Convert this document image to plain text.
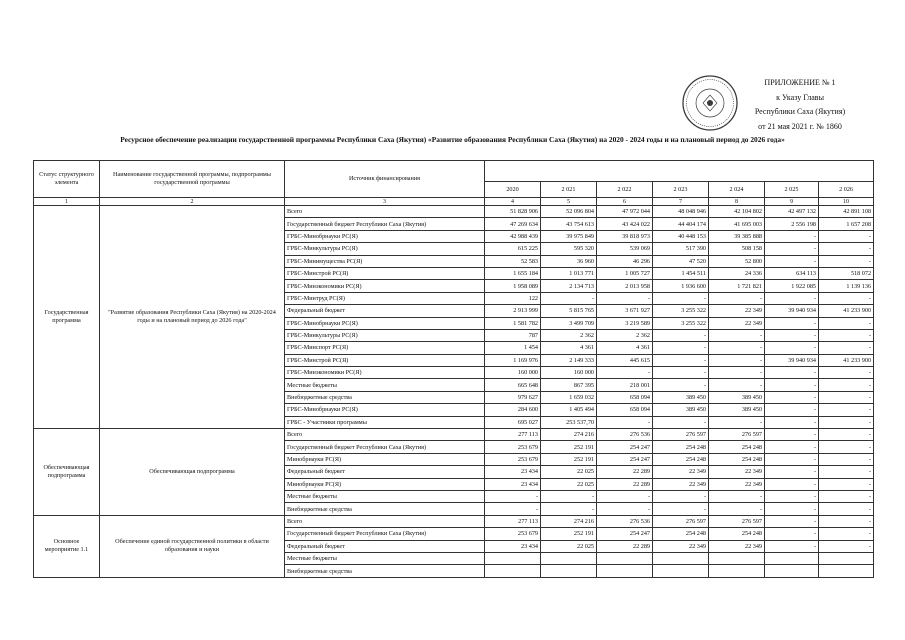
ПРИЛОЖЕНИЕ № 1
к Указу Главы
Республики Саха (Якутия)
от 21 мая 2021 г. № 1860
Ресурсное обеспечение реализации государственной программы Республики Саха (Якутия) «Развитие образования Республики Саха (Якутия) на 2020 - 2024 годы и на плановый период до 2026 года»
Статус структурного элемента	Наименование государственной программы, подпрограммы государственной программы	Источник финансирования							
			2020	2 021	2 022	2 023	2 024	2 025	2 026
1	2	3	4	5	6	7	8	9	10
Государственная программа	"Развитие образования Республики Саха (Якутия) на 2020-2024 годы и на плановый период до 2026 года"	Всего	51 828 906	52 096 804	47 972 044	48 048 946	42 104 802	42 497 132	42 891 108
		Государственный бюджет Республики Саха (Якутия)	47 269 634	43 754 613	43 424 022	44 404 174	41 695 003	2 556 198	1 657 208
		ГРБС-Минобрнауки РС(Я)	42 988 439	39 975 849	39 818 973	40 448 153	39 385 888	-	-
		ГРБС-Минкультуры РС(Я)	615 225	595 320	539 069	517 390	508 158	-	-
		ГРБС-Минимущества РС(Я)	52 583	36 960	46 296	47 520	52 800	-	-
		ГРБС-Минстрой РС(Я)	1 655 184	1 013 771	1 005 727	1 454 511	24 336	634 113	518 072
		ГРБС-Минэкономики РС(Я)	1 958 089	2 134 713	2 013 958	1 936 600	1 721 821	1 922 085	1 139 136
		ГРБС-Минтруд РС(Я)	122	-	-	-	-	-	-
		Федеральный бюджет	2 913 999	5 815 765	3 671 927	3 255 322	22 349	39 940 934	41 233 900
		ГРБС-Минобрнауки РС(Я)	1 581 782	3 499 709	3 219 589	3 255 322	22 349	-	-
		ГРБС-Минкультуры РС(Я)	787	2 362	2 362	-	-	-	-
		ГРБС-Минспорт РС(Я)	1 454	4 361	4 361	-	-	-	-
		ГРБС-Минстрой РС(Я)	1 169 976	2 149 333	445 615	-	-	39 940 934	41 233 900
		ГРБС-Минэкономики РС(Я)	160 000	160 000	-	-	-	-	-
		Местные бюджеты	665 648	867 395	218 001	-	-	-	-
		Внебюджетные средства	979 627	1 659 032	658 094	389 450	389 450	-	-
		ГРБС-Минобрнауки РС(Я)	284 600	1 405 494	658 094	389 450	389 450	-	-
		ГРБС - Участники программы	695 027	253 537,70	-	-	-	-	-
Обеспечивающая подпрограмма	Обеспечивающая подпрограмма	Всего	277 113	274 216	276 536	276 597	276 597	-	-
		Государственный бюджет Республики Саха (Якутия)	253 679	252 191	254 247	254 248	254 248	-	-
		Минобрнауки РС(Я)	253 679	252 191	254 247	254 248	254 248	-	-
		Федеральный бюджет	23 434	22 025	22 289	22 349	22 349	-	-
		Минобрнауки РС(Я)	23 434	22 025	22 289	22 349	22 349	-	-
		Местные бюджеты	-	-	-	-	-	-	-
		Внебюджетные средства	-	-	-	-	-	-	-
Основное мероприятие 1.1	Обеспечение единой государственной политики в области образования и науки	Всего	277 113	274 216	276 536	276 597	276 597	-	-
		Государственный бюджет Республики Саха (Якутия)	253 679	252 191	254 247	254 248	254 248	-	-
		Федеральный бюджет	23 434	22 025	22 289	22 349	22 349	-	-
		Местные бюджеты							
		Внебюджетные средства							
